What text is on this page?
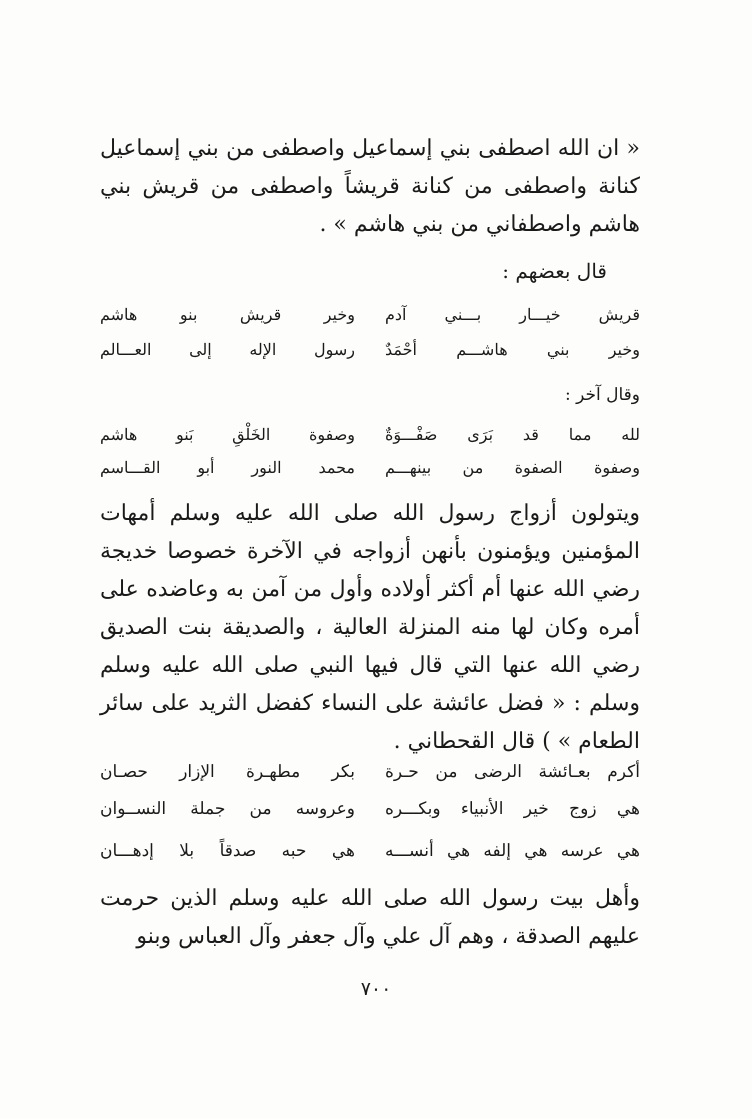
« ان الله اصطفى بني إسماعيل واصطفى من بني إسماعيل كنانة واصطفى من كنانة قريشاً واصطفى من قريش بني هاشم واصطفاني من بني هاشم » .

قال بعضهم :
قريش خيـــار بـــني آدم
وخير قريش بنو هاشم
وخير بني هاشـــم أحْمَدٌ
رسول الإله إلى العـــالم
وقال آخر :
لله مما قد بَرَى صَفْـــوَةٌ
وصفوة الخَلْقِ بَنو هاشم
وصفوة الصفوة من بينهـــم
محمد النور أبو القـــاسم

ويتولون أزواج رسول الله صلى الله عليه وسلم أمهات المؤمنين ويؤمنون بأنهن أزواجه في الآخرة خصوصا خديجة رضي الله عنها أم أكثر أولاده وأول من آمن به وعاضده على أمره وكان لها منه المنزلة العالية ، والصديقة بنت الصديق رضي الله عنها التي قال فيها النبي صلى الله عليه وسلم وسلم : « فضل عائشة على النساء كفضل الثريد على سائر الطعام » ) قال القحطاني .

أكرم بعـائشة الرضى من حـرة
بكر مطهـرة الإزار حصـان
هي زوج خير الأنبياء وبكـــره
وعروسه من جملة النســوان
هي عرسه هي إلفه هي أنســـه
هي حبه صدقاً بلا إدهـــان

وأهل بيت رسول الله صلى الله عليه وسلم الذين حرمت عليهم الصدقة ، وهم آل علي وآل جعفر وآل العباس وبنو

٧٠٠
